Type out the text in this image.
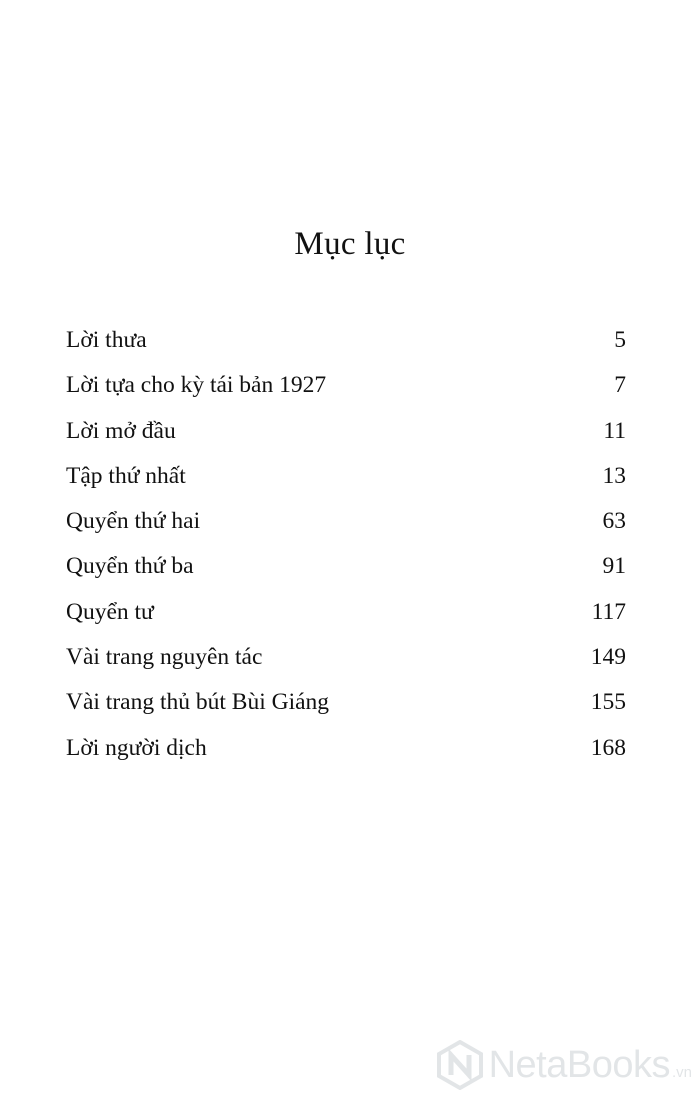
Mục lục
Lời thưa	5
Lời tựa cho kỳ tái bản 1927	7
Lời mở đầu	11
Tập thứ nhất	13
Quyển thứ hai	63
Quyển thứ ba	91
Quyển tư	117
Vài trang nguyên tác	149
Vài trang thủ bút Bùi Giáng	155
Lời người dịch	168
NetaBooks .vn
